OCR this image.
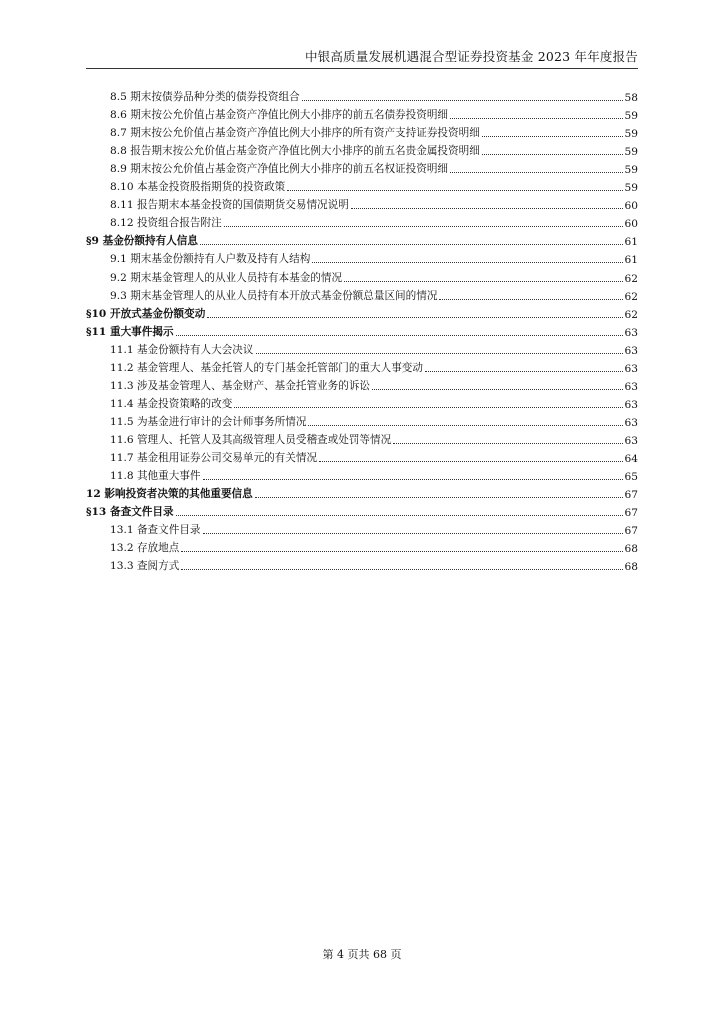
中银高质量发展机遇混合型证券投资基金 2023 年年度报告
8.5 期末按债券品种分类的债券投资组合	58
8.6 期末按公允价值占基金资产净值比例大小排序的前五名债券投资明细	59
8.7 期末按公允价值占基金资产净值比例大小排序的所有资产支持证券投资明细	59
8.8 报告期末按公允价值占基金资产净值比例大小排序的前五名贵金属投资明细	59
8.9 期末按公允价值占基金资产净值比例大小排序的前五名权证投资明细	59
8.10 本基金投资股指期货的投资政策	59
8.11 报告期末本基金投资的国债期货交易情况说明	60
8.12 投资组合报告附注	60
§9 基金份额持有人信息	61
9.1 期末基金份额持有人户数及持有人结构	61
9.2 期末基金管理人的从业人员持有本基金的情况	62
9.3 期末基金管理人的从业人员持有本开放式基金份额总量区间的情况	62
§10 开放式基金份额变动	62
§11 重大事件揭示	63
11.1 基金份额持有人大会决议	63
11.2 基金管理人、基金托管人的专门基金托管部门的重大人事变动	63
11.3 涉及基金管理人、基金财产、基金托管业务的诉讼	63
11.4 基金投资策略的改变	63
11.5 为基金进行审计的会计师事务所情况	63
11.6 管理人、托管人及其高级管理人员受稽查或处罚等情况	63
11.7 基金租用证券公司交易单元的有关情况	64
11.8 其他重大事件	65
12 影响投资者决策的其他重要信息	67
§13 备查文件目录	67
13.1 备查文件目录	67
13.2 存放地点	68
13.3 查阅方式	68
第 4 页共 68 页
